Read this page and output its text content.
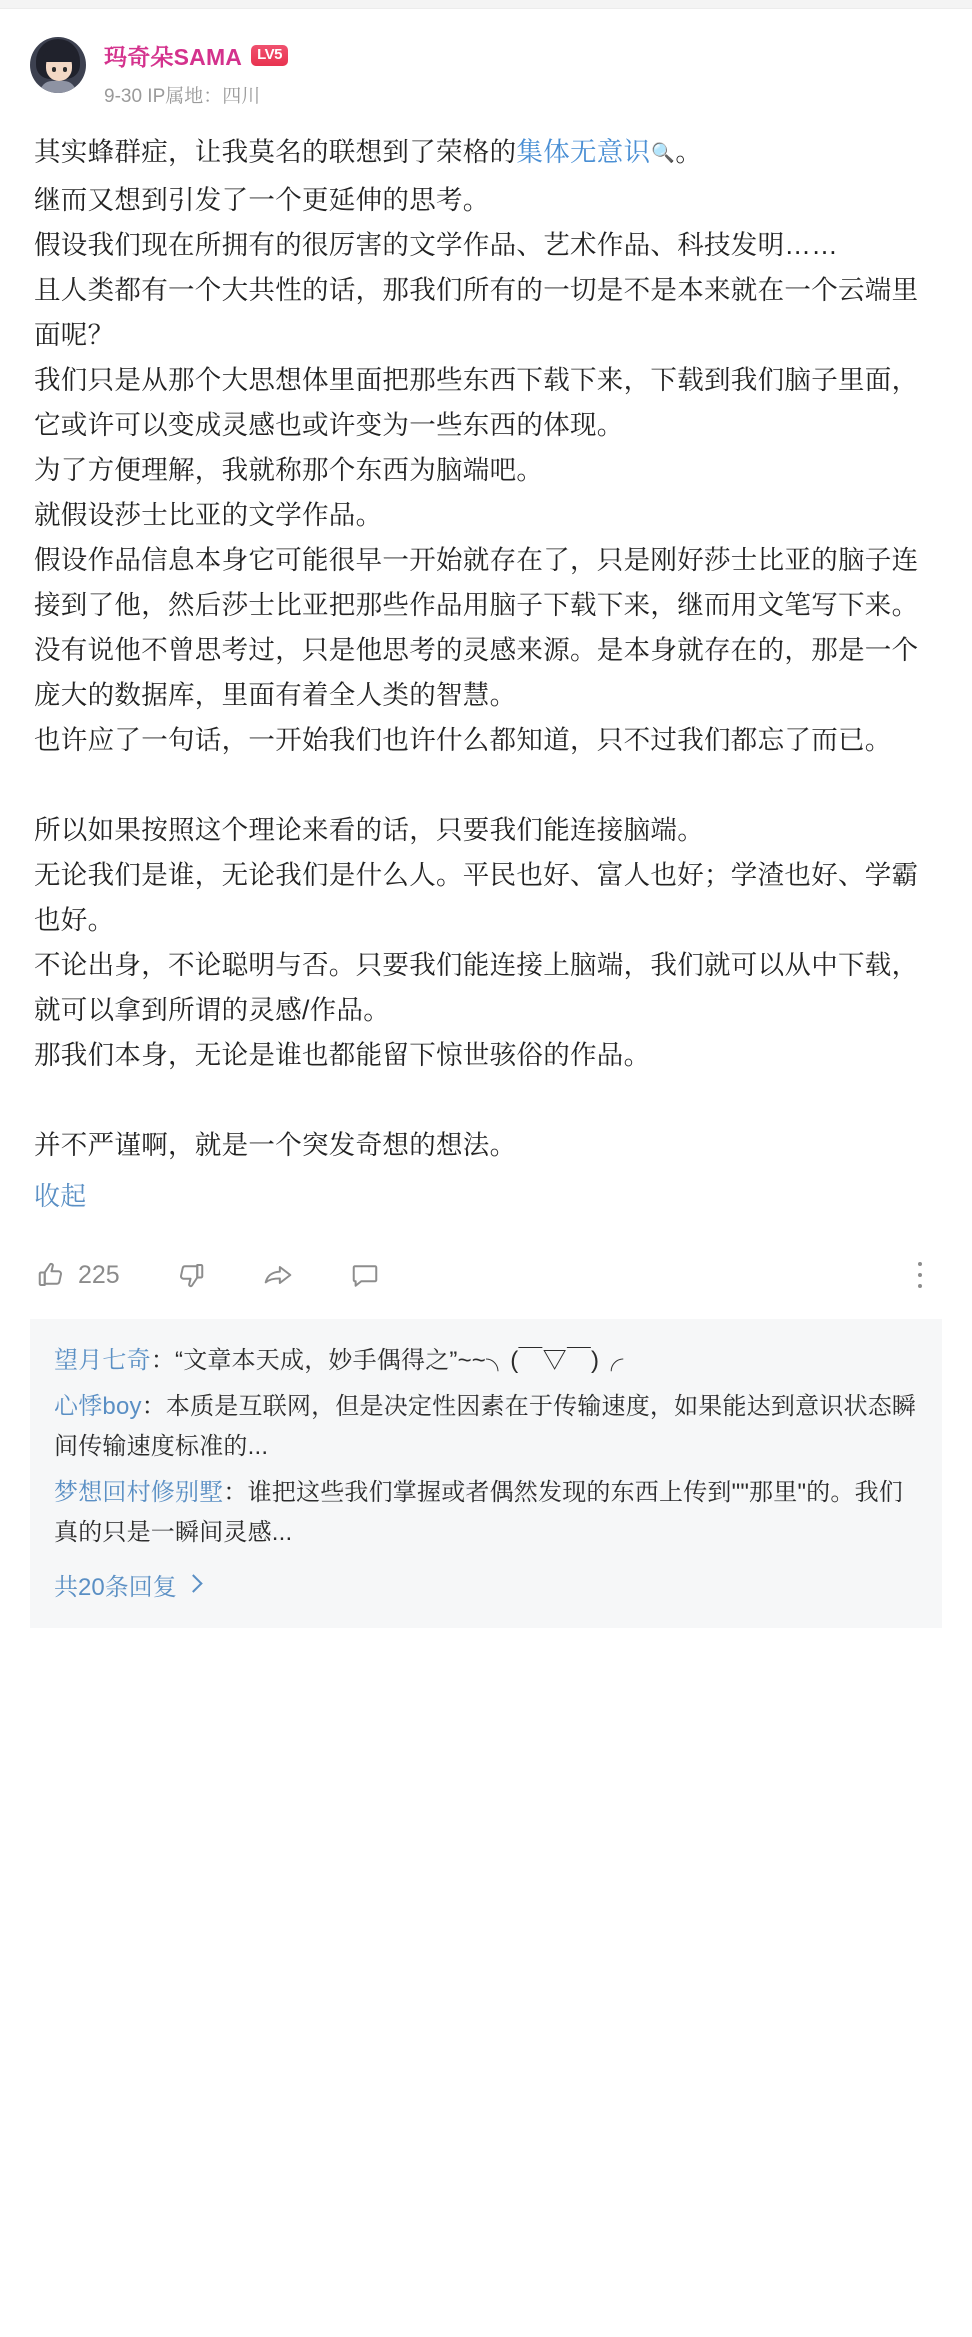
玛奇朵SAMA	LV5
9-30 IP属地：四川

其实蜂群症，让我莫名的联想到了荣格的集体无意识🔍。

继而又想到引发了一个更延伸的思考。

假设我们现在所拥有的很厉害的文学作品、艺术作品、科技发明……

且人类都有一个大共性的话，那我们所有的一切是不是本来就在一个云端里面呢？

我们只是从那个大思想体里面把那些东西下载下来，下载到我们脑子里面，它或许可以变成灵感也或许变为一些东西的体现。

为了方便理解，我就称那个东西为脑端吧。

就假设莎士比亚的文学作品。

假设作品信息本身它可能很早一开始就存在了，只是刚好莎士比亚的脑子连接到了他，然后莎士比亚把那些作品用脑子下载下来，继而用文笔写下来。

没有说他不曾思考过，只是他思考的灵感来源。是本身就存在的，那是一个庞大的数据库，里面有着全人类的智慧。

也许应了一句话，一开始我们也许什么都知道，只不过我们都忘了而已。

所以如果按照这个理论来看的话，只要我们能连接脑端。

无论我们是谁，无论我们是什么人。平民也好、富人也好；学渣也好、学霸也好。

不论出身，不论聪明与否。只要我们能连接上脑端，我们就可以从中下载，就可以拿到所谓的灵感/作品。

那我们本身，无论是谁也都能留下惊世骇俗的作品。

并不严谨啊，就是一个突发奇想的想法。

收起
225
望月七奇：“文章本天成，妙手偶得之”~~╮(￣▽￣)╭
心悸boy：本质是互联网，但是决定性因素在于传输速度，如果能达到意识状态瞬间传输速度标准的...
梦想回村修别墅：谁把这些我们掌握或者偶然发现的东西上传到""那里"的。我们真的只是一瞬间灵感...
共20条回复
